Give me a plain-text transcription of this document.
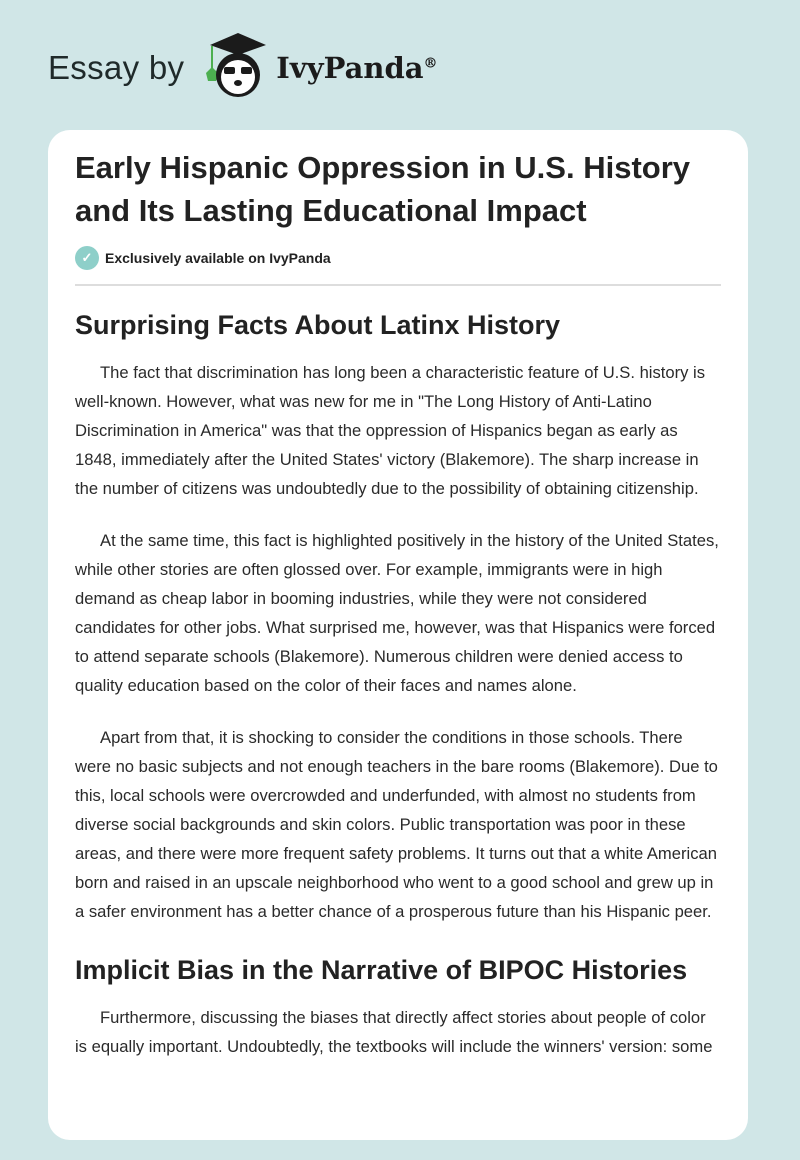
Essay by	IvyPanda®
Early Hispanic Oppression in U.S. History and Its Lasting Educational Impact
✓ Exclusively available on IvyPanda
Surprising Facts About Latinx History

The fact that discrimination has long been a characteristic feature of U.S. history is well-known. However, what was new for me in "The Long History of Anti-Latino Discrimination in America" was that the oppression of Hispanics began as early as 1848, immediately after the United States' victory (Blakemore). The sharp increase in the number of citizens was undoubtedly due to the possibility of obtaining citizenship.

At the same time, this fact is highlighted positively in the history of the United States, while other stories are often glossed over. For example, immigrants were in high demand as cheap labor in booming industries, while they were not considered candidates for other jobs. What surprised me, however, was that Hispanics were forced to attend separate schools (Blakemore). Numerous children were denied access to quality education based on the color of their faces and names alone.

Apart from that, it is shocking to consider the conditions in those schools. There were no basic subjects and not enough teachers in the bare rooms (Blakemore). Due to this, local schools were overcrowded and underfunded, with almost no students from diverse social backgrounds and skin colors. Public transportation was poor in these areas, and there were more frequent safety problems. It turns out that a white American born and raised in an upscale neighborhood who went to a good school and grew up in a safer environment has a better chance of a prosperous future than his Hispanic peer.

Implicit Bias in the Narrative of BIPOC Histories

Furthermore, discussing the biases that directly affect stories about people of color is equally important. Undoubtedly, the textbooks will include the winners' version: some
